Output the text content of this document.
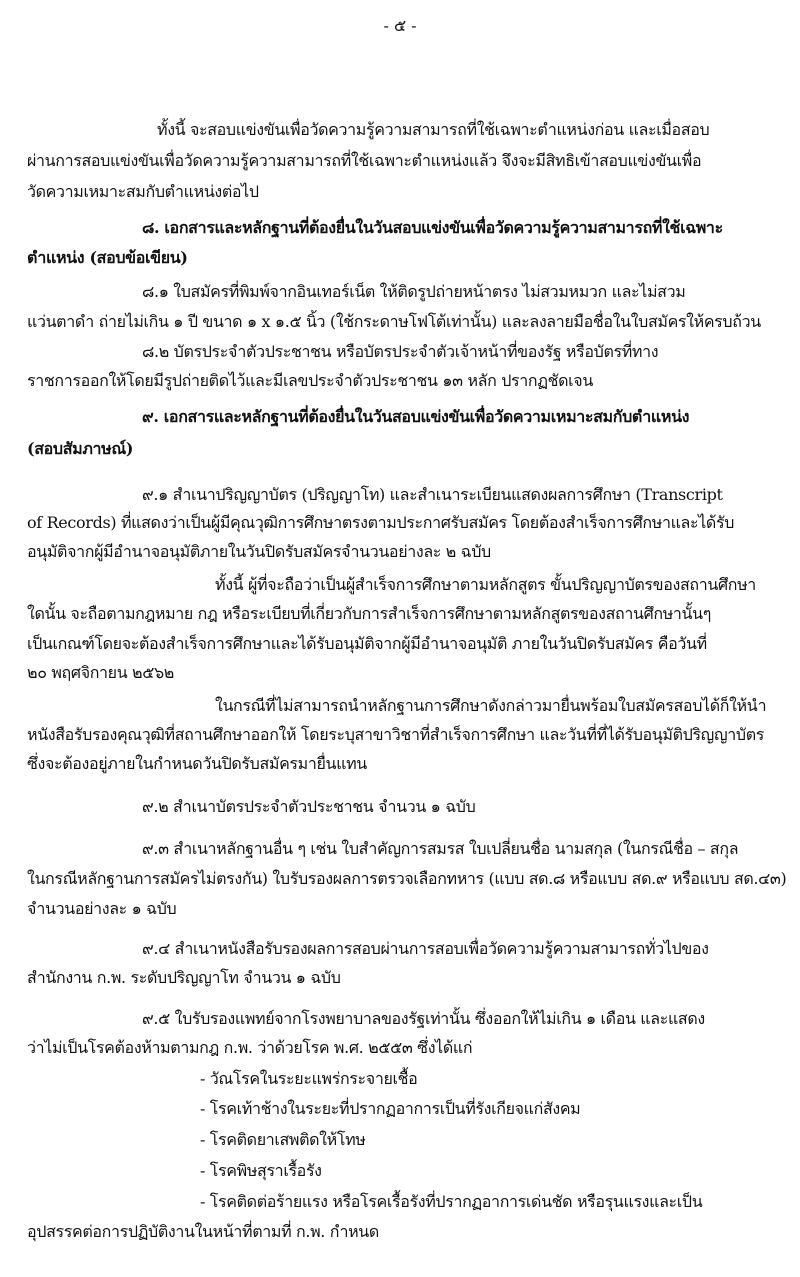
- ๕ -
ทั้งนี้ จะสอบแข่งขันเพื่อวัดความรู้ความสามารถที่ใช้เฉพาะตำแหน่งก่อน และเมื่อสอบ
ผ่านการสอบแข่งขันเพื่อวัดความรู้ความสามารถที่ใช้เฉพาะตำแหน่งแล้ว จึงจะมีสิทธิเข้าสอบแข่งขันเพื่อ
วัดความเหมาะสมกับตำแหน่งต่อไป
๘. เอกสารและหลักฐานที่ต้องยื่นในวันสอบแข่งขันเพื่อวัดความรู้ความสามารถที่ใช้เฉพาะ
ตำแหน่ง (สอบข้อเขียน)
๘.๑ ใบสมัครที่พิมพ์จากอินเทอร์เน็ต ให้ติดรูปถ่ายหน้าตรง ไม่สวมหมวก และไม่สวม
แว่นตาดำ ถ่ายไม่เกิน ๑ ปี ขนาด ๑ x ๑.๕ นิ้ว (ใช้กระดาษโฟโต้เท่านั้น) และลงลายมือชื่อในใบสมัครให้ครบถ้วน
๘.๒ บัตรประจำตัวประชาชน หรือบัตรประจำตัวเจ้าหน้าที่ของรัฐ หรือบัตรที่ทาง
ราชการออกให้โดยมีรูปถ่ายติดไว้และมีเลขประจำตัวประชาชน ๑๓ หลัก ปรากฏชัดเจน
๙. เอกสารและหลักฐานที่ต้องยื่นในวันสอบแข่งขันเพื่อวัดความเหมาะสมกับตำแหน่ง
(สอบสัมภาษณ์)
๙.๑ สำเนาปริญญาบัตร (ปริญญาโท) และสำเนาระเบียนแสดงผลการศึกษา (Transcript
of Records) ที่แสดงว่าเป็นผู้มีคุณวุฒิการศึกษาตรงตามประกาศรับสมัคร โดยต้องสำเร็จการศึกษาและได้รับ
อนุมัติจากผู้มีอำนาจอนุมัติภายในวันปิดรับสมัครจำนวนอย่างละ ๒ ฉบับ
ทั้งนี้ ผู้ที่จะถือว่าเป็นผู้สำเร็จการศึกษาตามหลักสูตร ขั้นปริญญาบัตรของสถานศึกษา
ใดนั้น จะถือตามกฎหมาย กฎ หรือระเบียบที่เกี่ยวกับการสำเร็จการศึกษาตามหลักสูตรของสถานศึกษานั้นๆ
เป็นเกณฑ์โดยจะต้องสำเร็จการศึกษาและได้รับอนุมัติจากผู้มีอำนาจอนุมัติ ภายในวันปิดรับสมัคร คือวันที่
๒๐ พฤศจิกายน ๒๕๖๒
ในกรณีที่ไม่สามารถนำหลักฐานการศึกษาดังกล่าวมายื่นพร้อมใบสมัครสอบได้ก็ให้นำ
หนังสือรับรองคุณวุฒิที่สถานศึกษาออกให้ โดยระบุสาขาวิชาที่สำเร็จการศึกษา และวันที่ที่ได้รับอนุมัติปริญญาบัตร
ซึ่งจะต้องอยู่ภายในกำหนดวันปิดรับสมัครมายื่นแทน
๙.๒ สำเนาบัตรประจำตัวประชาชน จำนวน ๑ ฉบับ
๙.๓ สำเนาหลักฐานอื่น ๆ เช่น ใบสำคัญการสมรส ใบเปลี่ยนชื่อ นามสกุล (ในกรณีชื่อ – สกุล
ในกรณีหลักฐานการสมัครไม่ตรงกัน) ใบรับรองผลการตรวจเลือกทหาร (แบบ สด.๘ หรือแบบ สด.๙ หรือแบบ สด.๔๓)
จำนวนอย่างละ ๑ ฉบับ
๙.๔ สำเนาหนังสือรับรองผลการสอบผ่านการสอบเพื่อวัดความรู้ความสามารถทั่วไปของ
สำนักงาน ก.พ. ระดับปริญญาโท จำนวน ๑ ฉบับ
๙.๕ ใบรับรองแพทย์จากโรงพยาบาลของรัฐเท่านั้น ซึ่งออกให้ไม่เกิน ๑ เดือน และแสดง
ว่าไม่เป็นโรคต้องห้ามตามกฎ ก.พ. ว่าด้วยโรค พ.ศ. ๒๕๕๓ ซึ่งได้แก่
- วัณโรคในระยะแพร่กระจายเชื้อ
- โรคเท้าช้างในระยะที่ปรากฏอาการเป็นที่รังเกียจแก่สังคม
- โรคติดยาเสพติดให้โทษ
- โรคพิษสุราเรื้อรัง
- โรคติดต่อร้ายแรง หรือโรคเรื้อรังที่ปรากฏอาการเด่นชัด หรือรุนแรงและเป็น
อุปสรรคต่อการปฏิบัติงานในหน้าที่ตามที่ ก.พ. กำหนด
